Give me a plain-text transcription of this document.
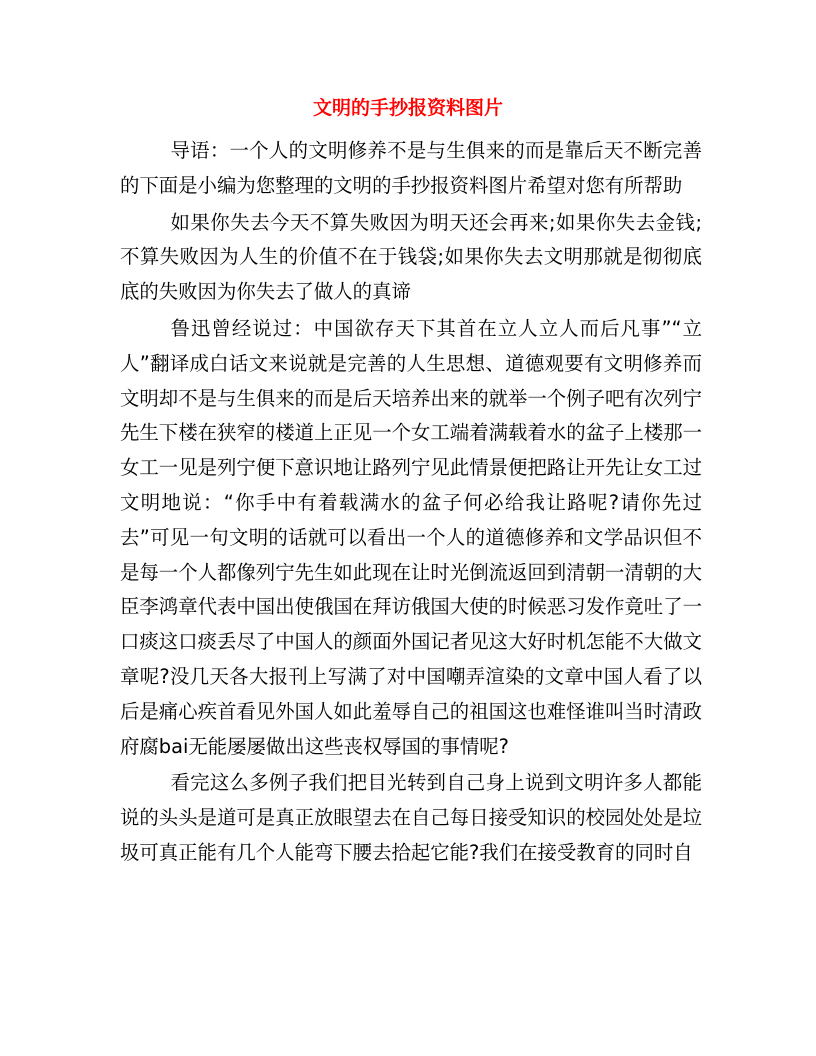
文明的手抄报资料图片

导语：一个人的文明修养不是与生俱来的而是靠后天不断完善的下面是小编为您整理的文明的手抄报资料图片希望对您有所帮助

如果你失去今天不算失败因为明天还会再来;如果你失去金钱;不算失败因为人生的价值不在于钱袋;如果你失去文明那就是彻彻底底的失败因为你失去了做人的真谛

鲁迅曾经说过：中国欲存天下其首在立人立人而后凡事”“立人”翻译成白话文来说就是完善的人生思想、道德观要有文明修养而文明却不是与生俱来的而是后天培养出来的就举一个例子吧有次列宁先生下楼在狭窄的楼道上正见一个女工端着满载着水的盆子上楼那一女工一见是列宁便下意识地让路列宁见此情景便把路让开先让女工过文明地说：“你手中有着载满水的盆子何必给我让路呢?请你先过去”可见一句文明的话就可以看出一个人的道德修养和文学品识但不是每一个人都像列宁先生如此现在让时光倒流返回到清朝一清朝的大臣李鸿章代表中国出使俄国在拜访俄国大使的时候恶习发作竟吐了一口痰这口痰丢尽了中国人的颜面外国记者见这大好时机怎能不大做文章呢?没几天各大报刊上写满了对中国嘲弄渲染的文章中国人看了以后是痛心疾首看见外国人如此羞辱自己的祖国这也难怪谁叫当时清政府腐bai无能屡屡做出这些丧权辱国的事情呢?

看完这么多例子我们把目光转到自己身上说到文明许多人都能说的头头是道可是真正放眼望去在自己每日接受知识的校园处处是垃圾可真正能有几个人能弯下腰去拾起它能?我们在接受教育的同时自
